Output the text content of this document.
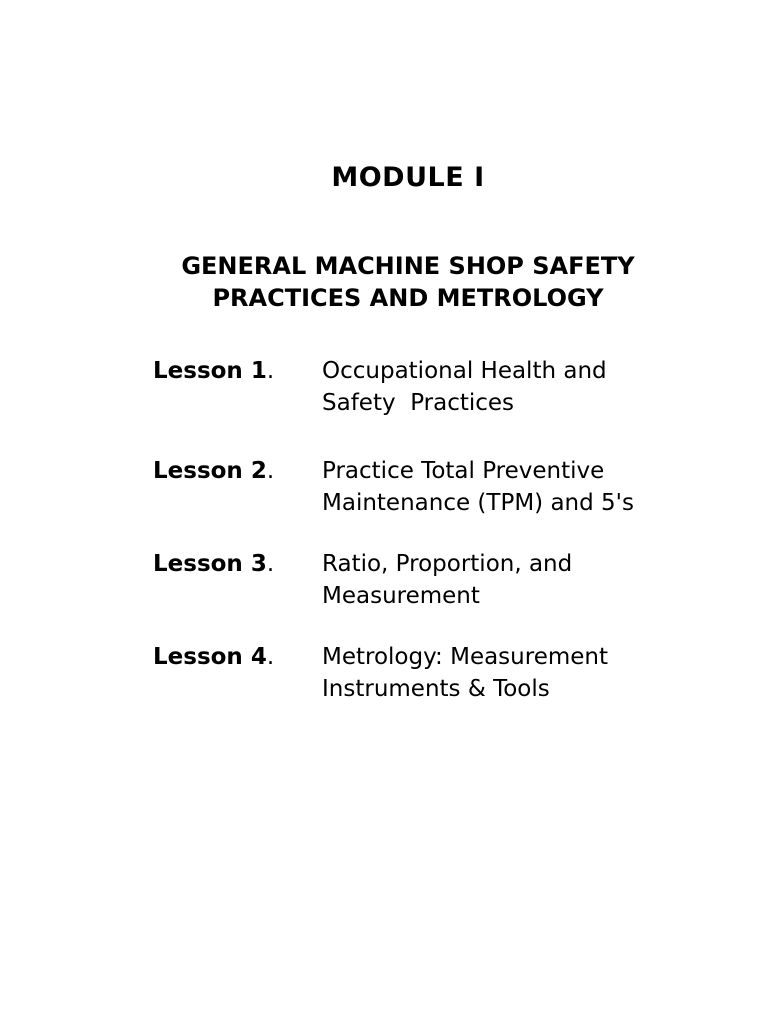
MODULE I
GENERAL MACHINE SHOP SAFETY
PRACTICES AND METROLOGY
Lesson 1. Occupational Health and
Safety  Practices
Lesson 2. Practice Total Preventive
Maintenance (TPM) and 5's
Lesson 3. Ratio, Proportion, and
Measurement
Lesson 4. Metrology: Measurement
Instruments & Tools
